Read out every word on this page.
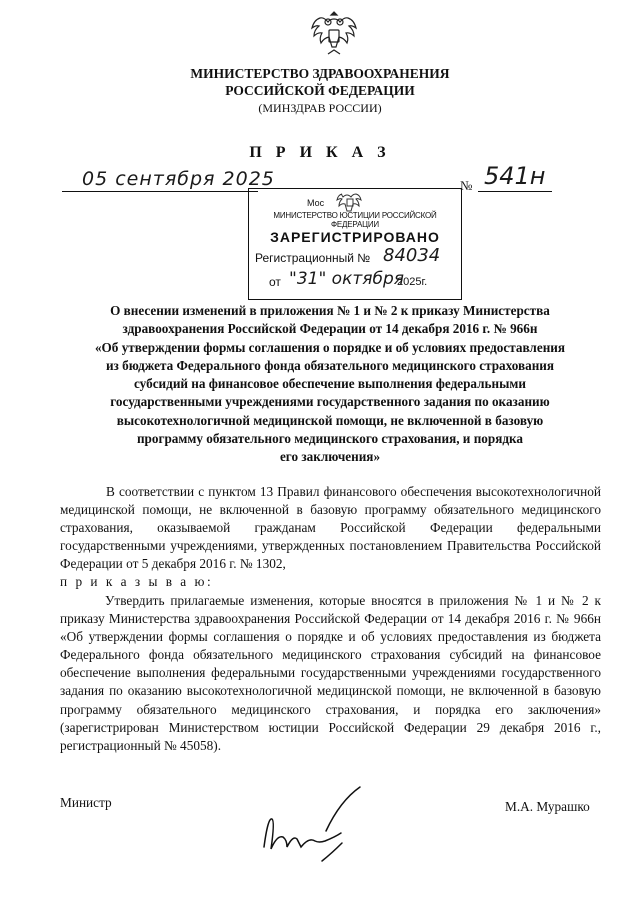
МИНИСТЕРСТВО ЗДРАВООХРАНЕНИЯ
РОССИЙСКОЙ ФЕДЕРАЦИИ
(МИНЗДРАВ РОССИИ)
П Р И К А З
05 сентября 2025	№ 541н
Мос
МИНИСТЕРСТВО ЮСТИЦИИ РОССИЙСКОЙ ФЕДЕРАЦИИ
ЗАРЕГИСТРИРОВАНО
Регистрационный № 84034
от "31" октября
2025г.
О внесении изменений в приложения № 1 и № 2 к приказу Министерства
здравоохранения Российской Федерации от 14 декабря 2016 г. № 966н
«Об утверждении формы соглашения о порядке и об условиях предоставления
из бюджета Федерального фонда обязательного медицинского страхования
субсидий на финансовое обеспечение выполнения федеральными
государственными учреждениями государственного задания по оказанию
высокотехнологичной медицинской помощи, не включенной в базовую
программу обязательного медицинского страхования, и порядка
его заключения»
В соответствии с пунктом 13 Правил финансового обеспечения высокотехнологичной медицинской помощи, не включенной в базовую программу обязательного медицинского страхования, оказываемой гражданам Российской Федерации федеральными государственными учреждениями, утвержденных постановлением Правительства Российской Федерации от 5 декабря 2016 г. № 1302,
п р и к а з ы в а ю:
Утвердить прилагаемые изменения, которые вносятся в приложения № 1 и № 2 к приказу Министерства здравоохранения Российской Федерации от 14 декабря 2016 г. № 966н «Об утверждении формы соглашения о порядке и об условиях предоставления из бюджета Федерального фонда обязательного медицинского страхования субсидий на финансовое обеспечение выполнения федеральными государственными учреждениями государственного задания по оказанию высокотехнологичной медицинской помощи, не включенной в базовую программу обязательного медицинского страхования, и порядка его заключения» (зарегистрирован Министерством юстиции Российской Федерации 29 декабря 2016 г., регистрационный № 45058).
Министр	М.А. Мурашко
